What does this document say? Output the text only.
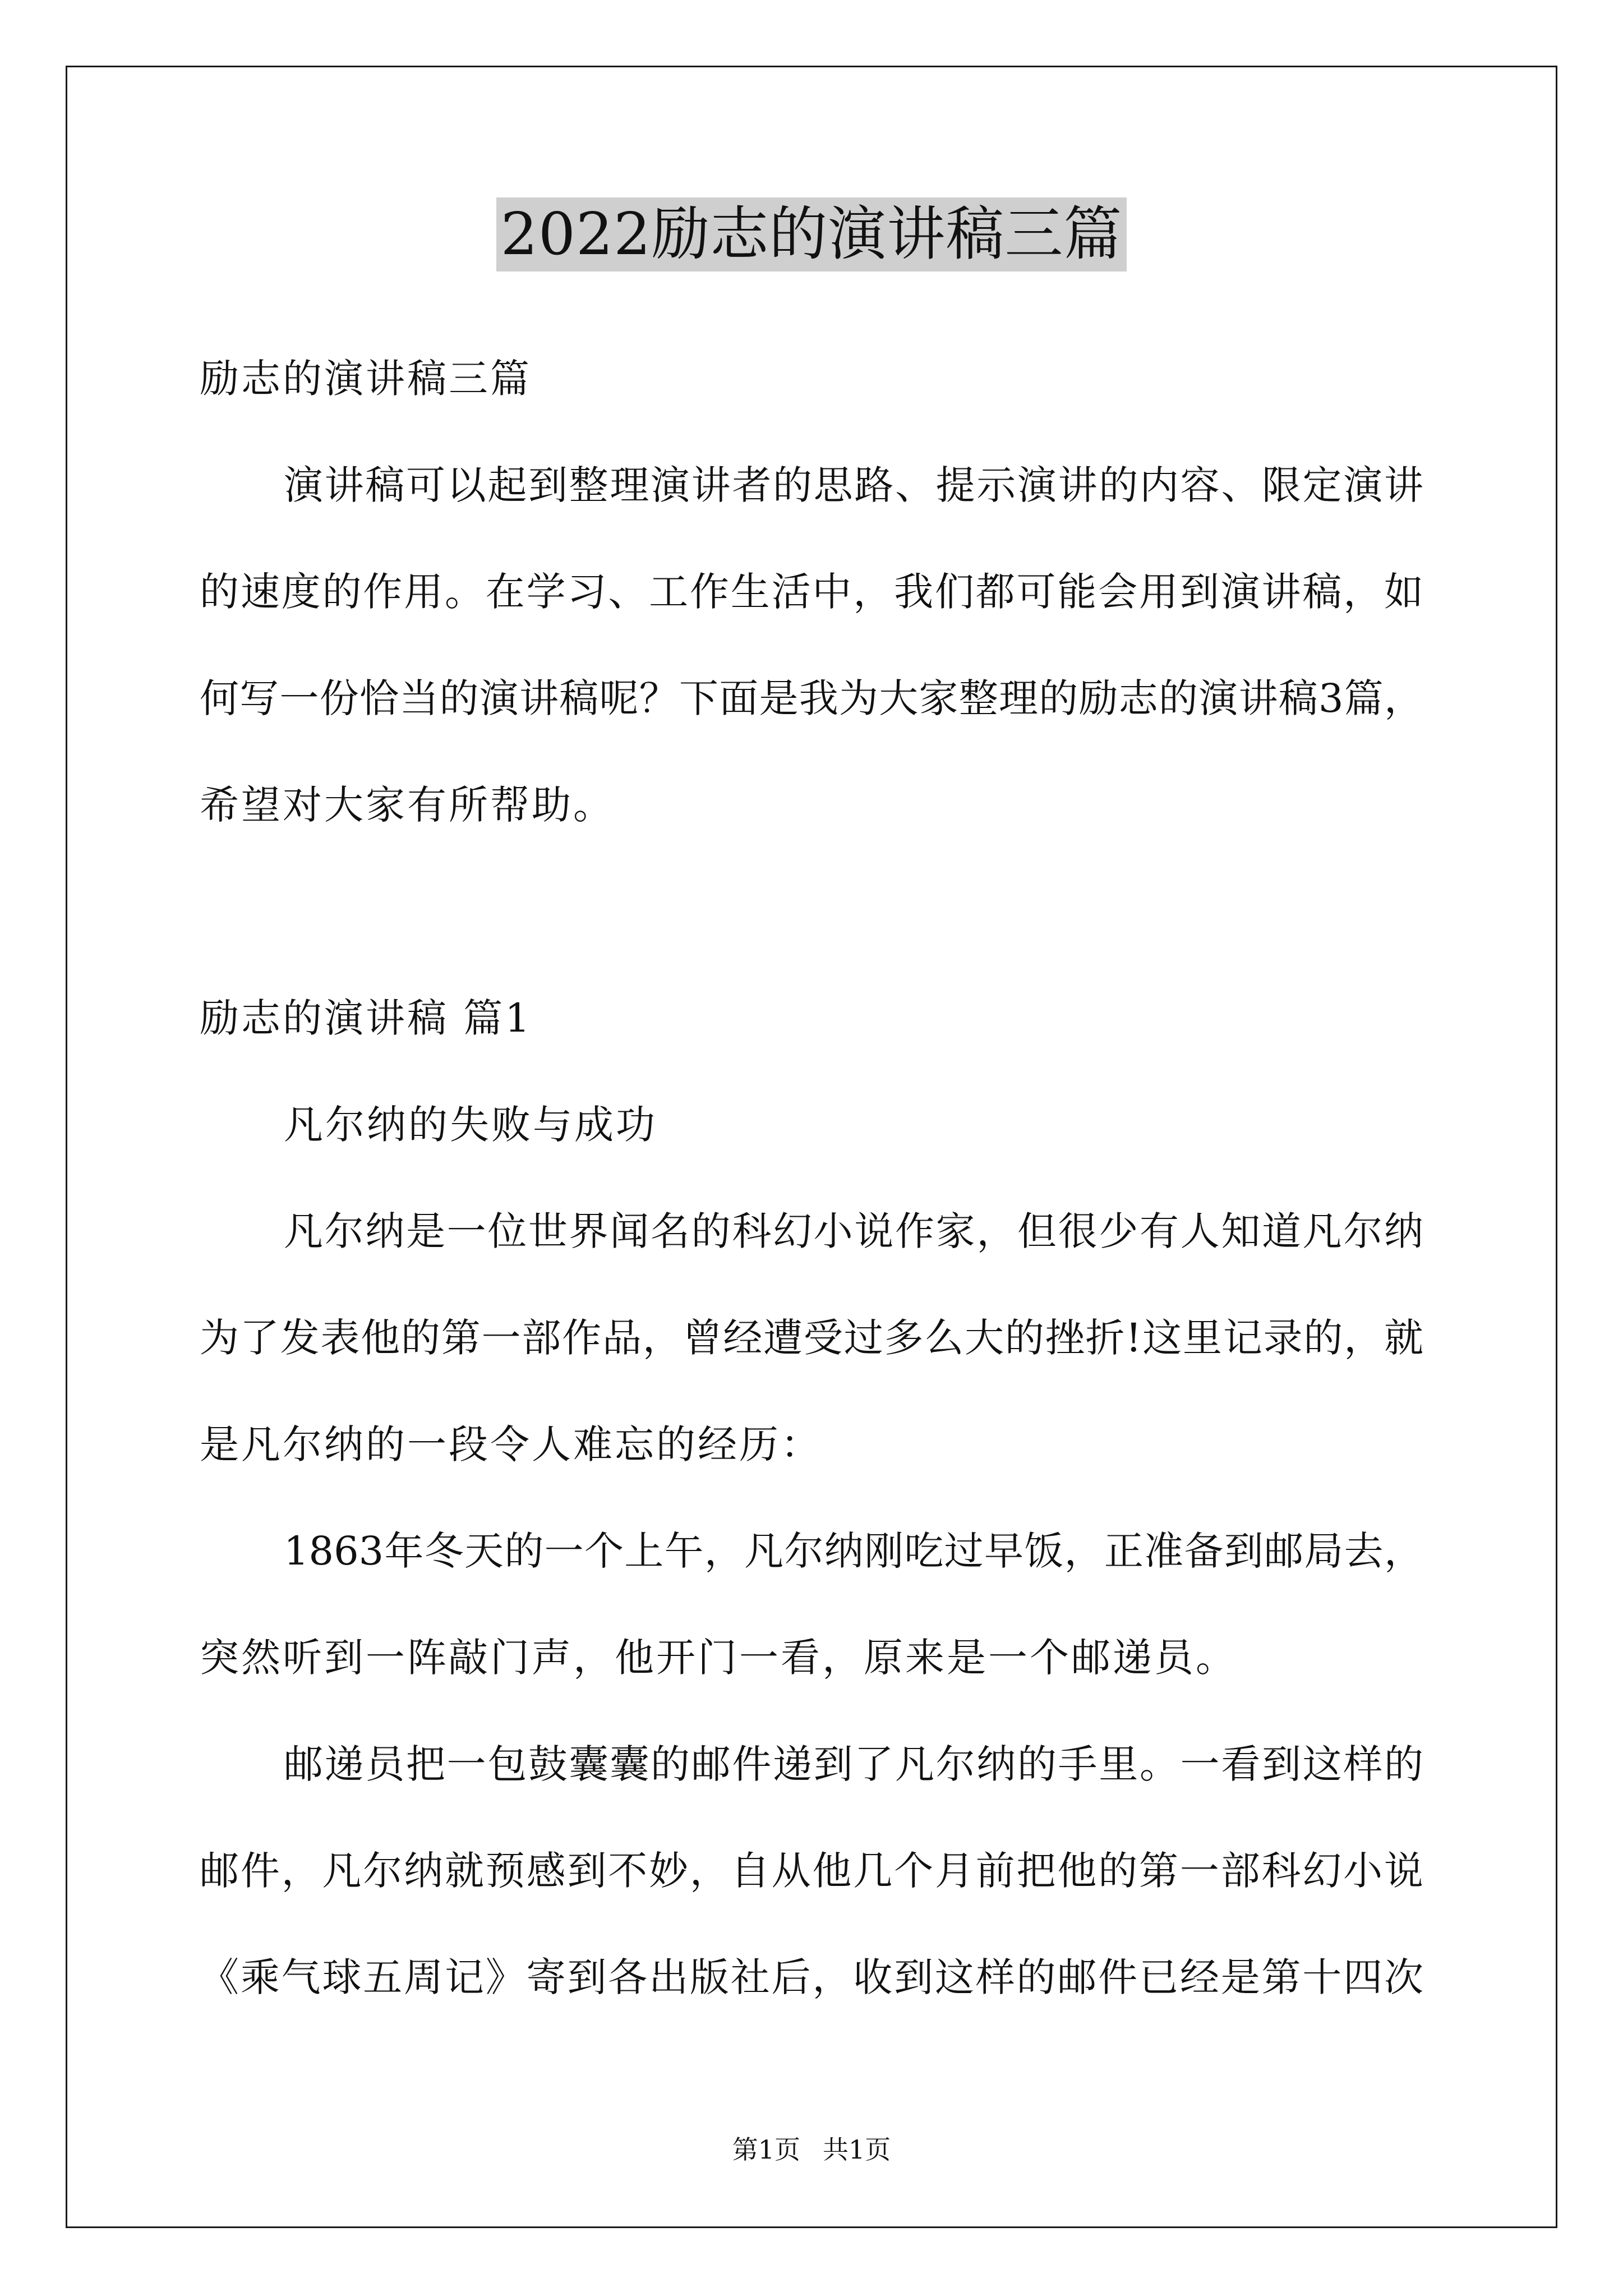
2022励志的演讲稿三篇
励志的演讲稿三篇
演讲稿可以起到整理演讲者的思路、提示演讲的内容、限定演讲
的速度的作用。在学习、工作生活中，我们都可能会用到演讲稿，如
何写一份恰当的演讲稿呢？下面是我为大家整理的励志的演讲稿3篇，
希望对大家有所帮助。
励志的演讲稿 篇1
凡尔纳的失败与成功
凡尔纳是一位世界闻名的科幻小说作家，但很少有人知道凡尔纳
为了发表他的第一部作品，曾经遭受过多么大的挫折!这里记录的，就
是凡尔纳的一段令人难忘的经历：
1863年冬天的一个上午，凡尔纳刚吃过早饭，正准备到邮局去，
突然听到一阵敲门声，他开门一看，原来是一个邮递员。
邮递员把一包鼓囊囊的邮件递到了凡尔纳的手里。一看到这样的
邮件，凡尔纳就预感到不妙，自从他几个月前把他的第一部科幻小说
《乘气球五周记》寄到各出版社后，收到这样的邮件已经是第十四次
第1页 共1页
